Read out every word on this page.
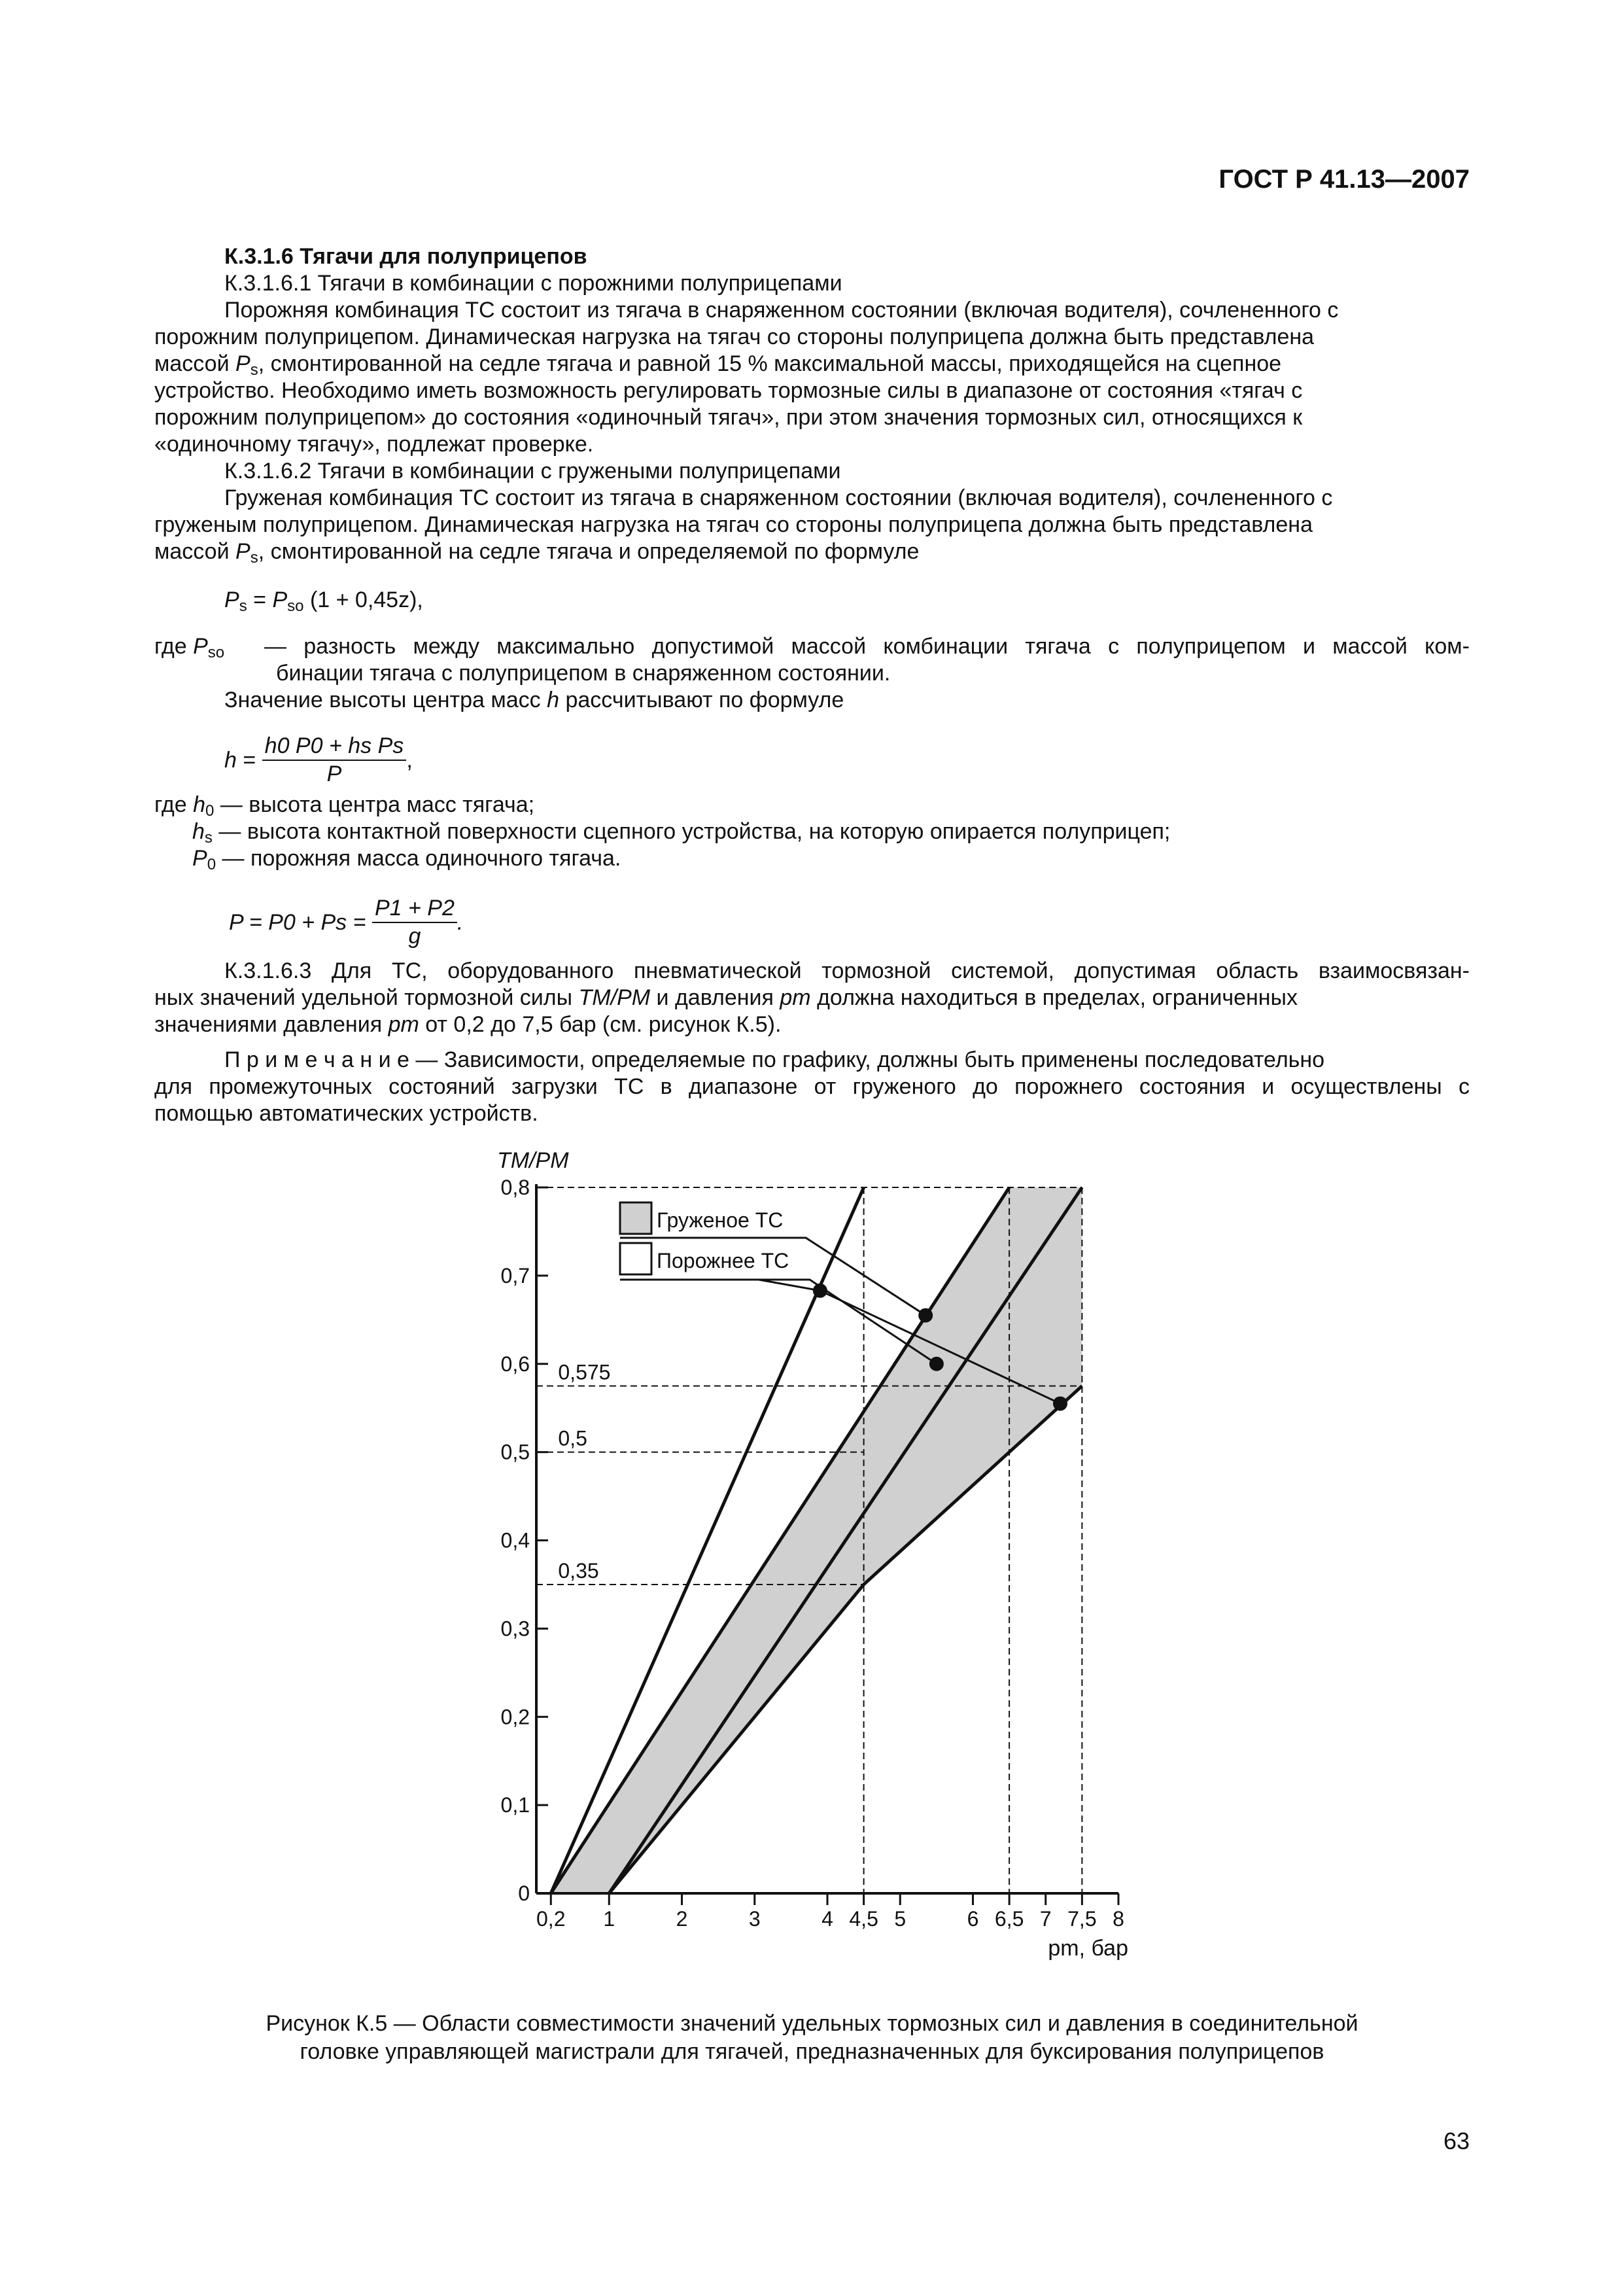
ГОСТ Р 41.13—2007
К.3.1.6 Тягачи для полуприцепов
К.3.1.6.1 Тягачи в комбинации с порожними полуприцепами
Порожняя комбинация ТС состоит из тягача в снаряженном состоянии (включая водителя), сочлененного с
порожним полуприцепом. Динамическая нагрузка на тягач со стороны полуприцепа должна быть представлена
массой $P_s$, смонтированной на седле тягача и равной 15 % максимальной массы, приходящейся на сцепное
устройство. Необходимо иметь возможность регулировать тормозные силы в диапазоне от состояния «тягач с
порожним полуприцепом» до состояния «одиночный тягач», при этом значения тормозных сил, относящихся к
«одиночному тягачу», подлежат проверке.
К.3.1.6.2 Тягачи в комбинации с гружеными полуприцепами
Груженая комбинация ТС состоит из тягача в снаряженном состоянии (включая водителя), сочлененного с
груженым полуприцепом. Динамическая нагрузка на тягач со стороны полуприцепа должна быть представлена
массой $P_s$, смонтированной на седле тягача и определяемой по формуле
$P_s = P_{so}$ (1 + 0,45z),
где $P_{so}$ — разность между максимально допустимой массой комбинации тягача с полуприцепом и массой ком-
бинации тягача с полуприцепом в снаряженном состоянии.
Значение высоты центра масс h рассчитывают по формуле
$h = \frac{\text{h0 P0 + hs Ps}}{P}$ ,
где $h_0$ — высота центра масс тягача;
$h_s$ — высота контактной поверхности сцепного устройства, на которую опирается полуприцеп;
$P_0$ — порожняя масса одиночного тягача.
$P = P0 + Ps = \frac{P1 + P2}{g}$ .
К.3.1.6.3 Для ТС, оборудованного пневматической тормозной системой, допустимая область взаимосвязан-
ных значений удельной тормозной силы TM/PM и давления pm должна находиться в пределах, ограниченных
значениями давления pm от 0,2 до 7,5 бар (см. рисунок К.5).
П р и м е ч а н и е — Зависимости, определяемые по графику, должны быть применены последовательно
для промежуточных состояний загрузки ТС в диапазоне от груженого до порожнего состояния и осуществлены с
помощью автоматических устройств.
0,575
0,5
0,35
0
0,1
0,2
0,3
0,4
0,5
0,6
0,7
0,8
0,2 1	2	3	4 4,5 5	6 6,5 7 7,5 8
TM/PM
pm, бар
Груженое ТС
Порожнее ТС
Рисунок К.5 — Области совместимости значений удельных тормозных сил и давления в соединительной
головке управляющей магистрали для тягачей, предназначенных для буксирования полуприцепов
63
